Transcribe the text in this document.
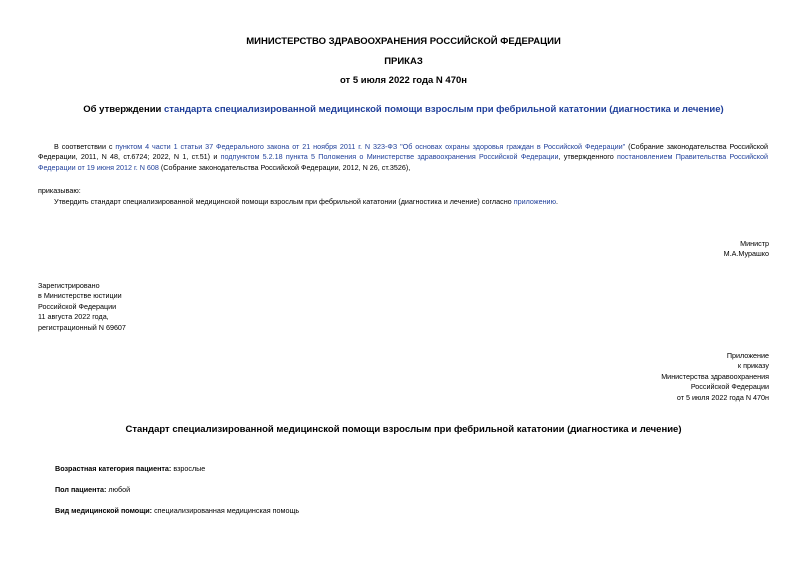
МИНИСТЕРСТВО ЗДРАВООХРАНЕНИЯ РОССИЙСКОЙ ФЕДЕРАЦИИ
ПРИКАЗ
от 5 июля 2022 года N 470н
Об утверждении стандарта специализированной медицинской помощи взрослым при фебрильной кататонии (диагностика и лечение)
В соответствии с пунктом 4 части 1 статьи 37 Федерального закона от 21 ноября 2011 г. N 323-ФЗ "Об основах охраны здоровья граждан в Российской Федерации" (Собрание законодательства Российской Федерации, 2011, N 48, ст.6724; 2022, N 1, ст.51) и подпунктом 5.2.18 пункта 5 Положения о Министерстве здравоохранения Российской Федерации, утвержденного постановлением Правительства Российской Федерации от 19 июня 2012 г. N 608 (Собрание законодательства Российской Федерации, 2012, N 26, ст.3526),
приказываю:
Утвердить стандарт специализированной медицинской помощи взрослым при фебрильной кататонии (диагностика и лечение) согласно приложению.
Министр
М.А.Мурашко
Зарегистрировано
в Министерстве юстиции
Российской Федерации
11 августа 2022 года,
регистрационный N 69607
Приложение
к приказу
Министерства здравоохранения
Российской Федерации
от 5 июля 2022 года N 470н
Стандарт специализированной медицинской помощи взрослым при фебрильной кататонии (диагностика и лечение)
Возрастная категория пациента: взрослые
Пол пациента: любой
Вид медицинской помощи: специализированная медицинская помощь
